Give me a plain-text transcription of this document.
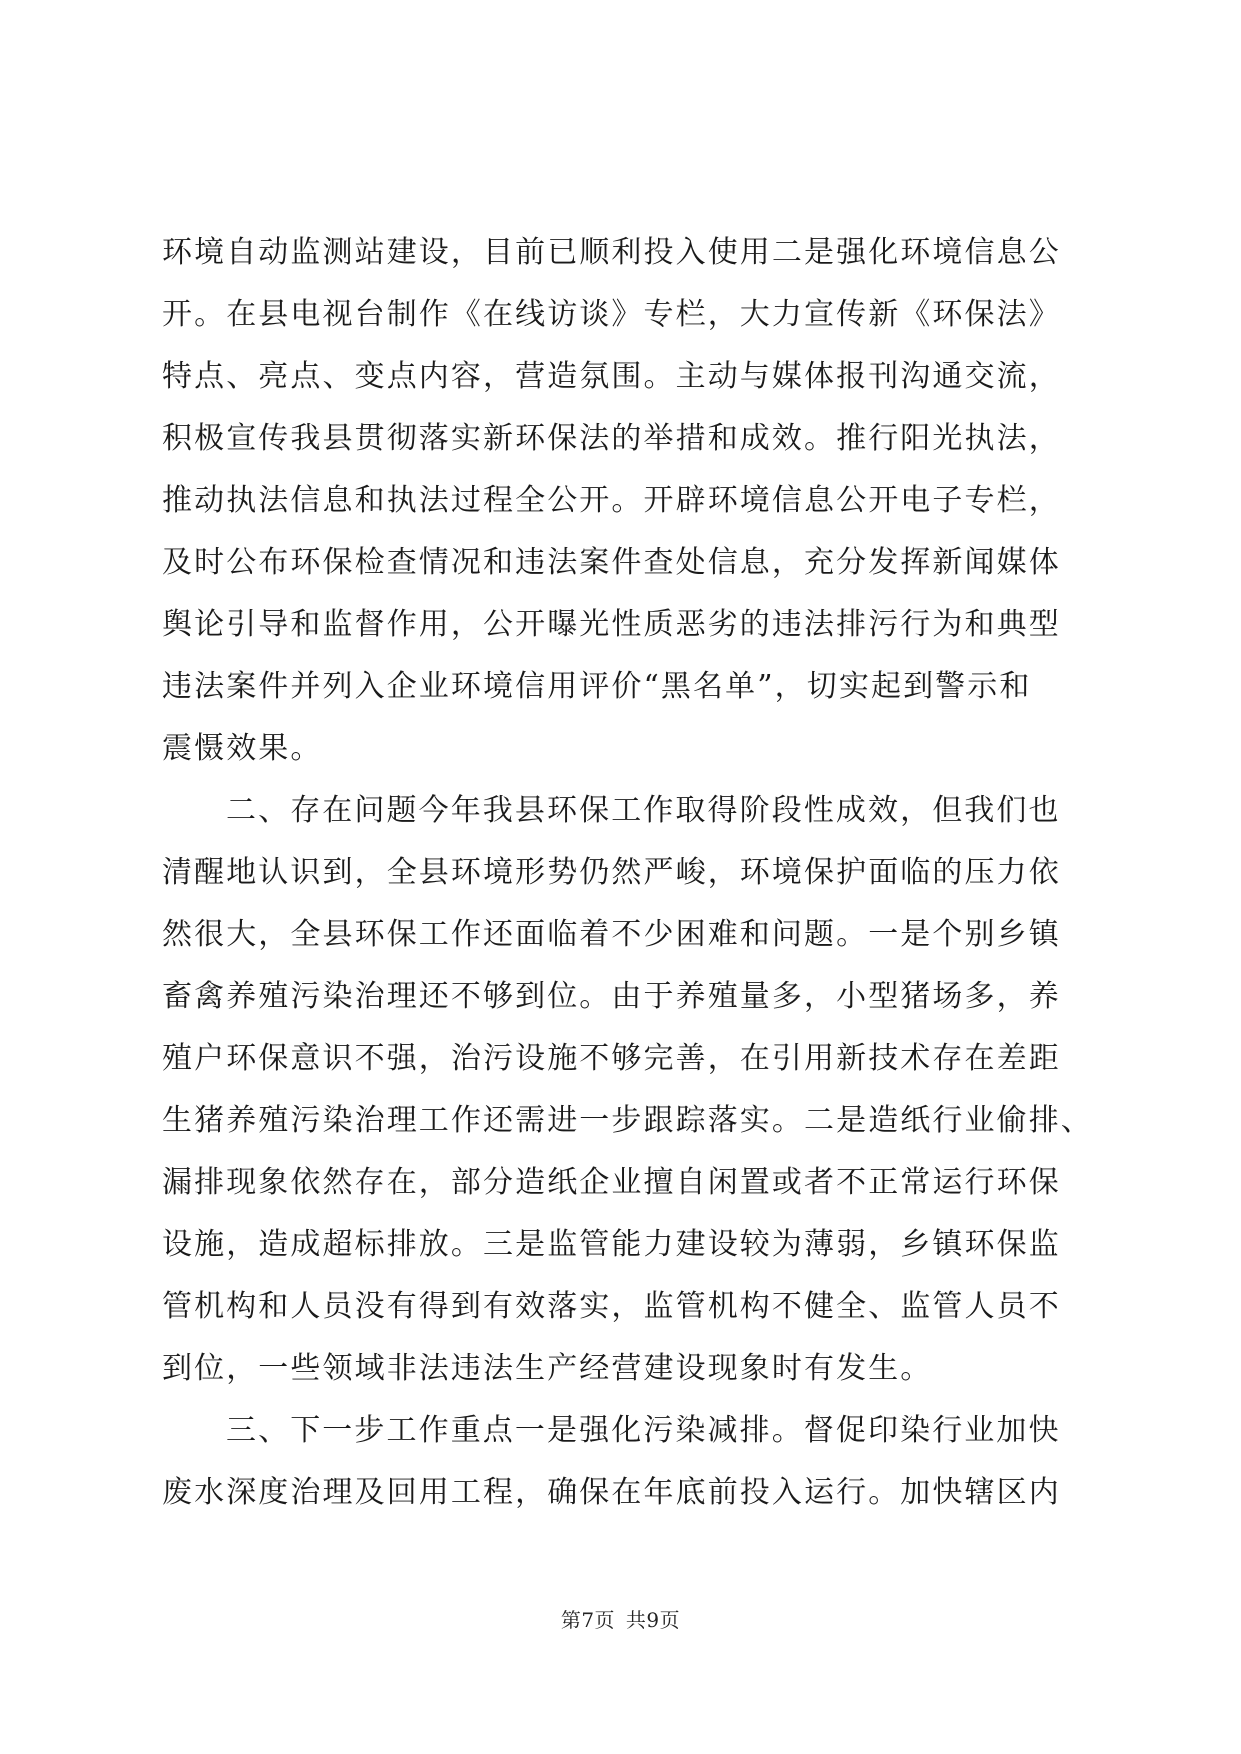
环境自动监测站建设，目前已顺利投入使用二是强化环境信息公
开。在县电视台制作《在线访谈》专栏，大力宣传新《环保法》
特点、亮点、变点内容，营造氛围。主动与媒体报刊沟通交流，
积极宣传我县贯彻落实新环保法的举措和成效。推行阳光执法，
推动执法信息和执法过程全公开。开辟环境信息公开电子专栏，
及时公布环保检查情况和违法案件查处信息，充分发挥新闻媒体
舆论引导和监督作用，公开曝光性质恶劣的违法排污行为和典型
违法案件并列入企业环境信用评价“黑名单”，切实起到警示和
震慑效果。
二、存在问题今年我县环保工作取得阶段性成效，但我们也
清醒地认识到，全县环境形势仍然严峻，环境保护面临的压力依
然很大，全县环保工作还面临着不少困难和问题。一是个别乡镇
畜禽养殖污染治理还不够到位。由于养殖量多，小型猪场多，养
殖户环保意识不强，治污设施不够完善，在引用新技术存在差距
生猪养殖污染治理工作还需进一步跟踪落实。二是造纸行业偷排、
漏排现象依然存在，部分造纸企业擅自闲置或者不正常运行环保
设施，造成超标排放。三是监管能力建设较为薄弱，乡镇环保监
管机构和人员没有得到有效落实，监管机构不健全、监管人员不
到位，一些领域非法违法生产经营建设现象时有发生。
三、下一步工作重点一是强化污染减排。督促印染行业加快
废水深度治理及回用工程，确保在年底前投入运行。加快辖区内
第7页 共9页
